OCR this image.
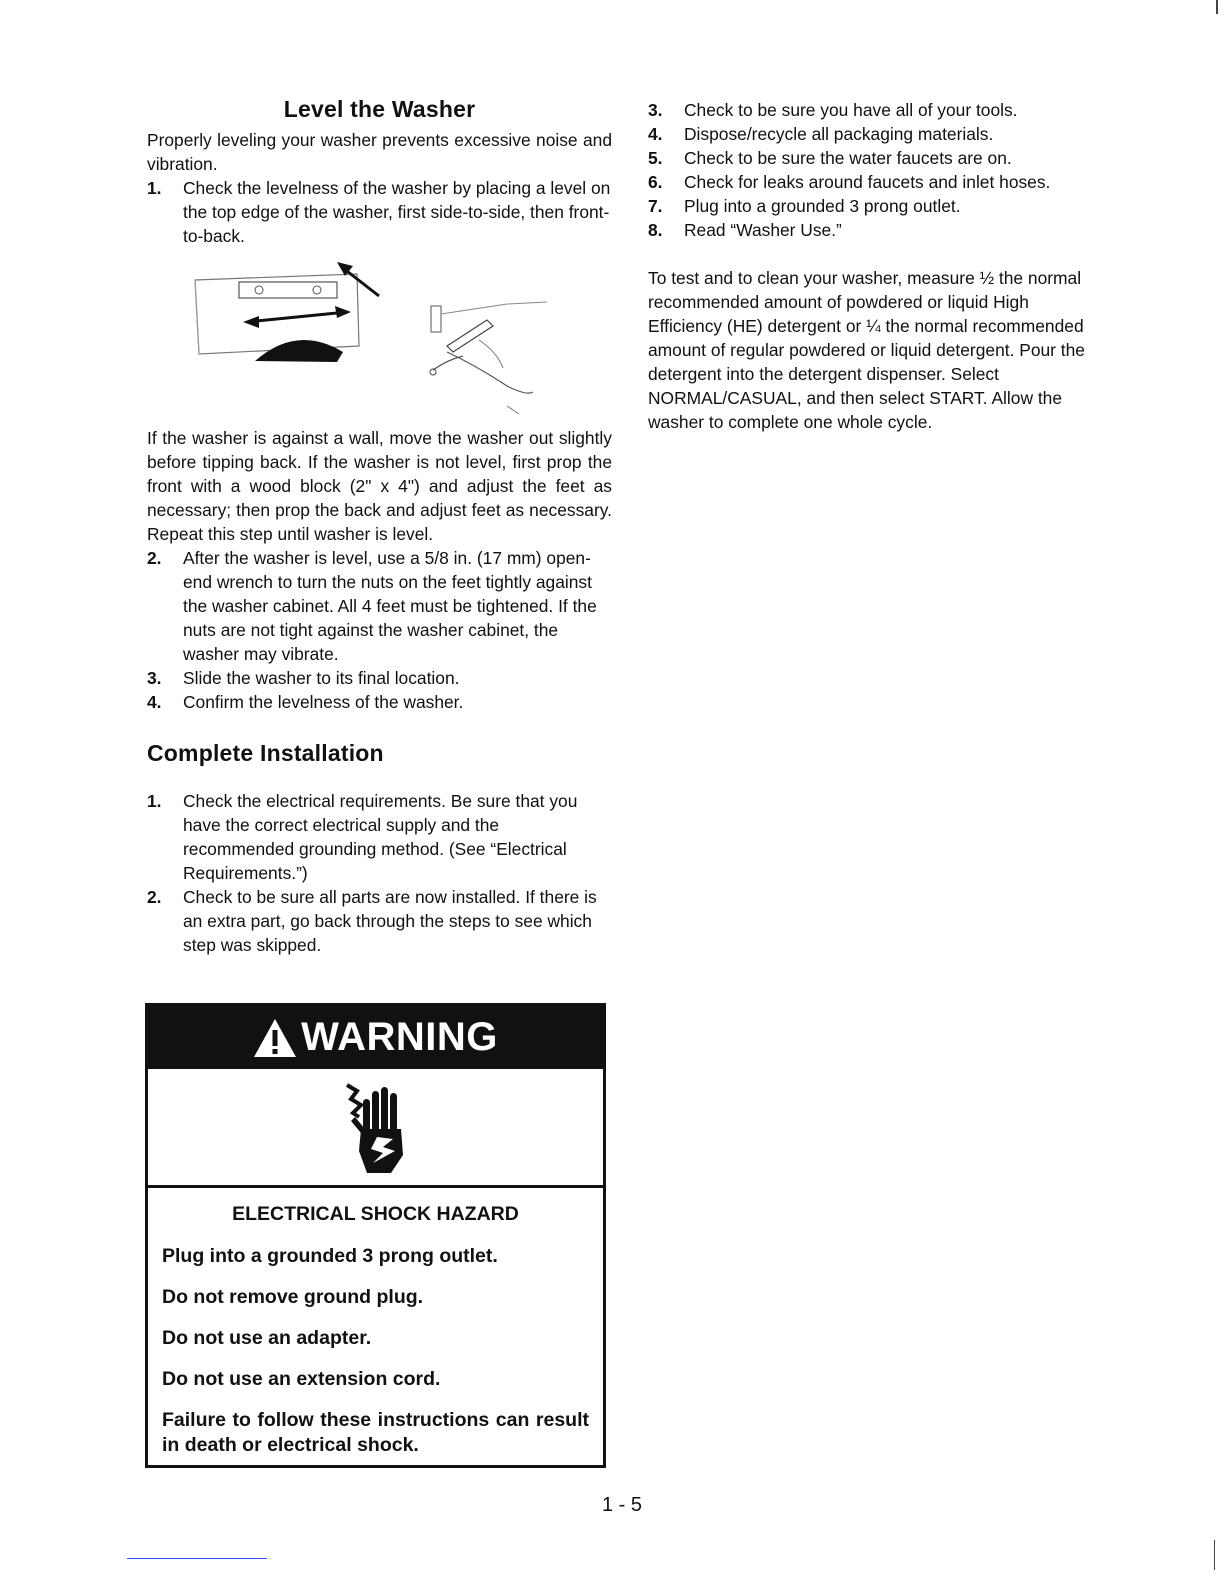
Level the Washer

Properly leveling your washer prevents excessive noise and vibration.

1.	Check the levelness of the washer by placing a level on the top edge of the washer, first side-to-side, then front-to-back.

If the washer is against a wall, move the washer out slightly before tipping back. If the washer is not level, first prop the front with a wood block (2" x 4") and adjust the feet as necessary; then prop the back and adjust feet as necessary. Repeat this step until washer is level.

2.	After the washer is level, use a 5/8 in. (17 mm) open-end wrench to turn the nuts on the feet tightly against the washer cabinet. All 4 feet must be tightened. If the nuts are not tight against the washer cabinet, the washer may vibrate.
3.	Slide the washer to its final location.
4.	Confirm the levelness of the washer.
Complete Installation
1.	Check the electrical requirements. Be sure that you have the correct electrical supply and the recommended grounding method. (See “Electrical Requirements.”)
2.	Check to be sure all parts are now installed. If there is an extra part, go back through the steps to see which step was skipped.
3.	Check to be sure you have all of your tools.
4.	Dispose/recycle all packaging materials.
5.	Check to be sure the water faucets are on.
6.	Check for leaks around faucets and inlet hoses.
7.	Plug into a grounded 3 prong outlet.
8.	Read “Washer Use.”

To test and to clean your washer, measure ½ the normal recommended amount of powdered or liquid High Efficiency (HE) detergent or ¼ the normal recommended amount of regular powdered or liquid detergent. Pour the detergent into the detergent dispenser. Select NORMAL/CASUAL, and then select START. Allow the washer to complete one whole cycle.

WARNING

ELECTRICAL SHOCK HAZARD

Plug into a grounded 3 prong outlet.

Do not remove ground plug.

Do not use an adapter.

Do not use an extension cord.

Failure to follow these instructions can result in death or electrical shock.

1 - 5
